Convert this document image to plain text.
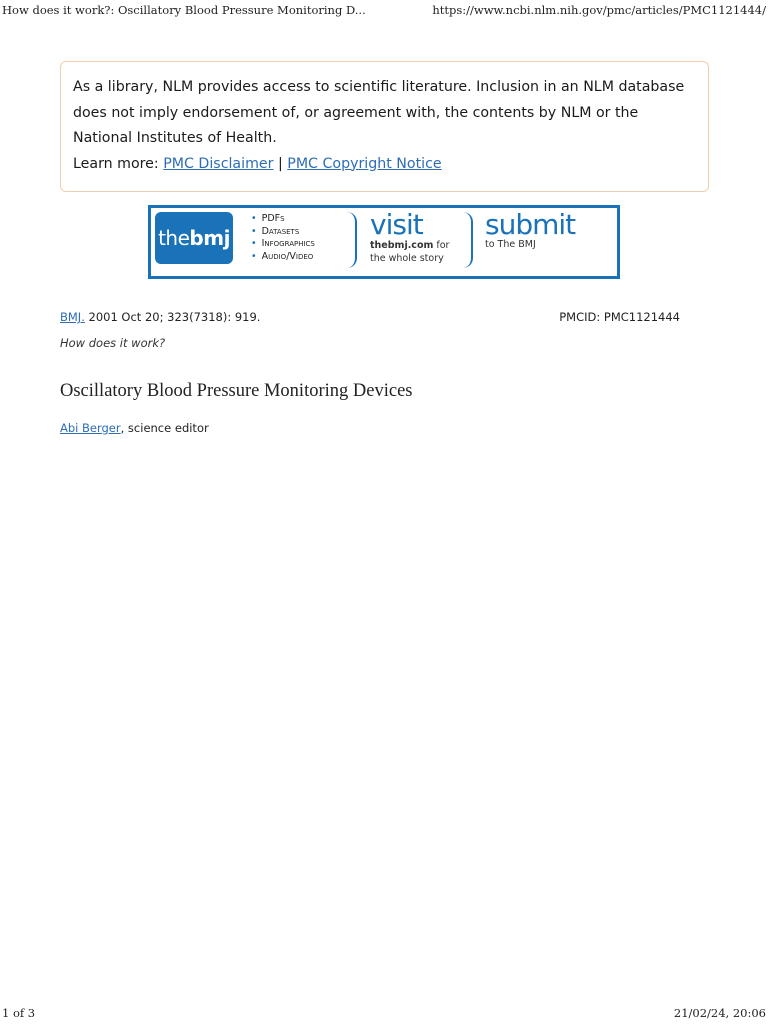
How does it work?: Oscillatory Blood Pressure Monitoring D...	https://www.ncbi.nlm.nih.gov/pmc/articles/PMC1121444/
As a library, NLM provides access to scientific literature. Inclusion in an NLM database does not imply endorsement of, or agreement with, the contents by NLM or the National Institutes of Health.
Learn more: PMC Disclaimer | PMC Copyright Notice
the bmj
• PDFs
• Datasets
• Infographics
• Audio/Video
visit
thebmj.com for
the whole story
submit
to The BMJ
BMJ. 2001 Oct 20; 323(7318): 919.	PMCID: PMC1121444
How does it work?
Oscillatory Blood Pressure Monitoring Devices
Abi Berger, science editor
1 of 3	21/02/24, 20:06
